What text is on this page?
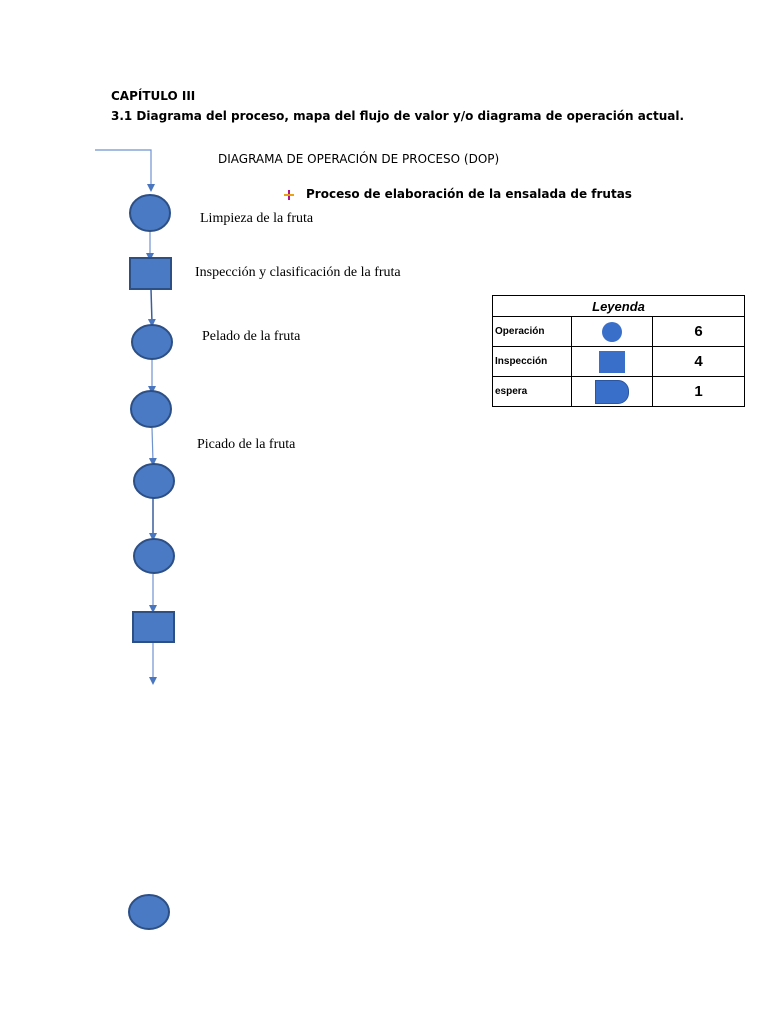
CAPÍTULO III
3.1 Diagrama del proceso, mapa del flujo de valor y/o diagrama de operación actual.
DIAGRAMA DE OPERACIÓN DE PROCESO (DOP)
Proceso de elaboración de la ensalada de frutas
Limpieza de la fruta
Inspección y clasificación de la fruta
Pelado de la fruta
Picado de la fruta
Leyenda		
Operación		6
Inspección		4
espera		1
